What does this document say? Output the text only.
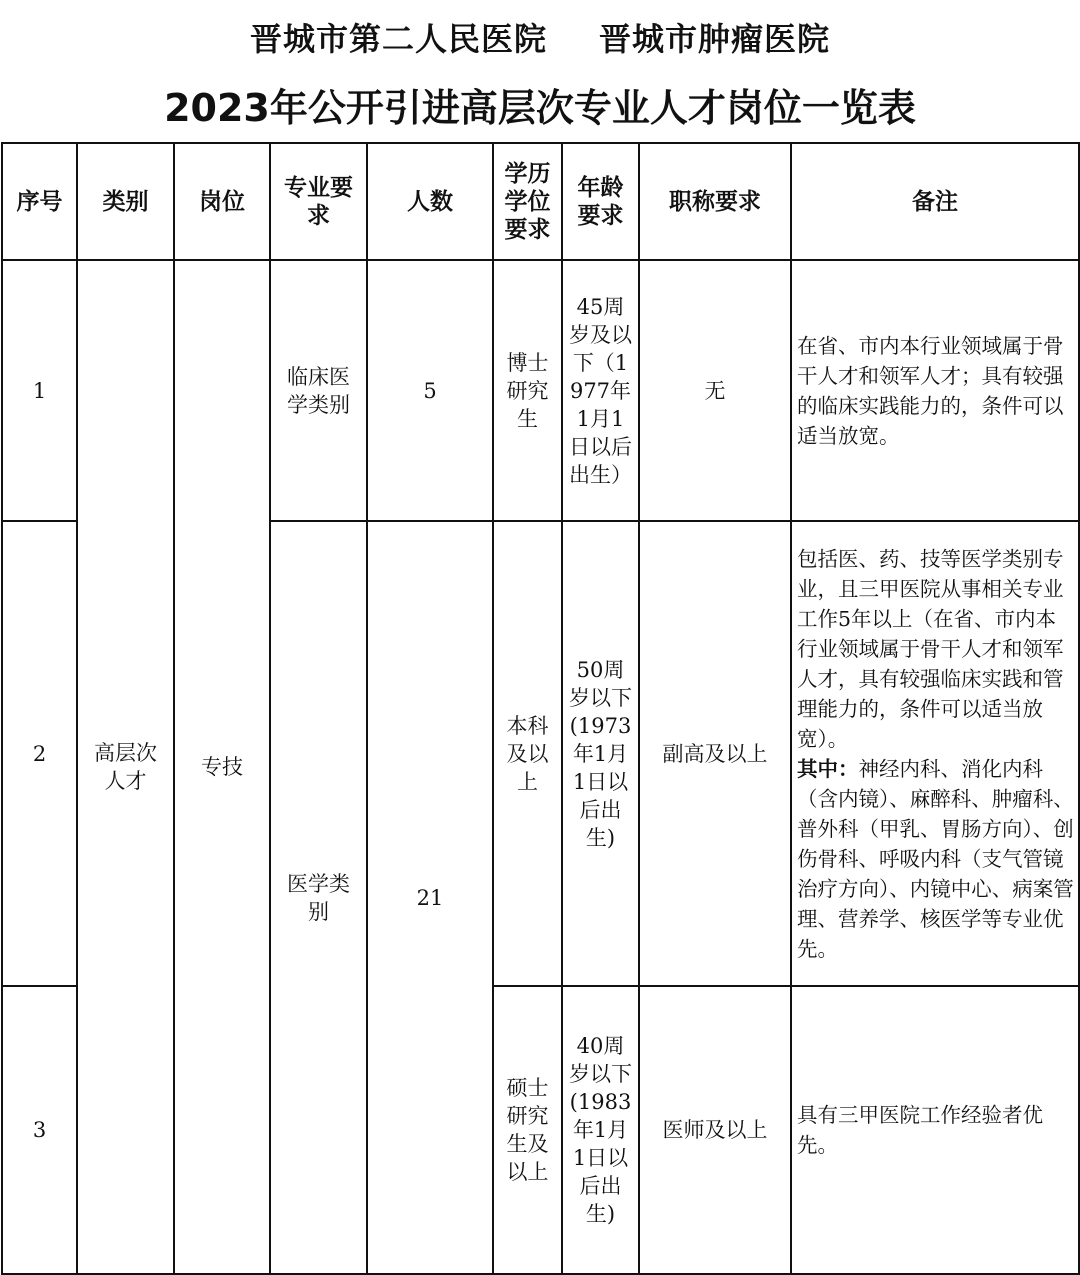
晋城市第二人民医院 晋城市肿瘤医院
2023年公开引进高层次专业人才岗位一览表
序号	类别	岗位	专业要求	人数	学历学位要求	年龄要求	职称要求	备注
1	高层次人才	专技	临床医学类别	5	博士研究生	45周岁及以下（1977年1月1日以后出生）	无	在省、市内本行业领域属于骨干人才和领军人才；具有较强的临床实践能力的，条件可以适当放宽。
2			医学类别	21	本科及以上	50周岁以下(1973年1月1日以后出生)	副高及以上	包括医、药、技等医学类别专业，且三甲医院从事相关专业工作5年以上（在省、市内本行业领域属于骨干人才和领军人才，具有较强临床实践和管理能力的，条件可以适当放宽）。
其中：神经内科、消化内科（含内镜）、麻醉科、肿瘤科、普外科（甲乳、胃肠方向）、创伤骨科、呼吸内科（支气管镜治疗方向）、内镜中心、病案管理、营养学、核医学等专业优先。
3					硕士研究生及以上	40周岁以下(1983年1月1日以后出生)	医师及以上	具有三甲医院工作经验者优先。
